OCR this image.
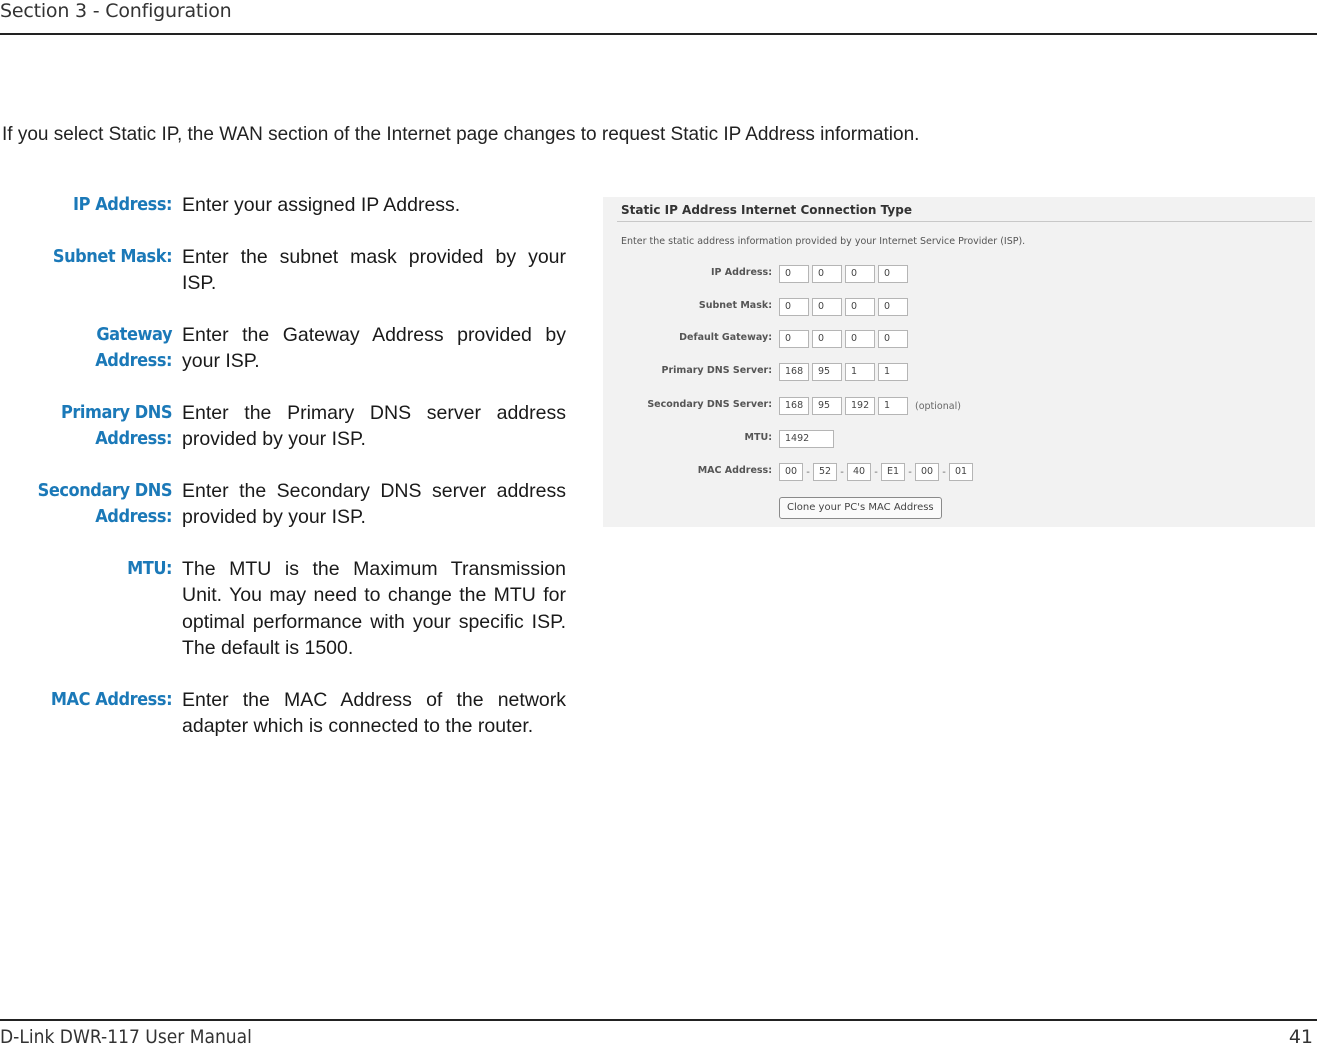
Section 3 - Configuration
If you select Static IP, the WAN section of the Internet page changes to request Static IP Address information.
IP Address: Enter your assigned IP Address.
Subnet Mask: Enter the subnet mask provided by your ISP.
Gateway Address:
Enter the Gateway Address provided by your ISP.
Primary DNS Address:
Enter the Primary DNS server address provided by your ISP.
Secondary DNS Address:
Enter the Secondary DNS server address provided by your ISP.
MTU: The MTU is the Maximum Transmission Unit. You may need to change the MTU for optimal performance with your specific ISP. The default is 1500.
MAC Address: Enter the MAC Address of the network adapter which is connected to the router.
Static IP Address Internet Connection Type
Enter the static address information provided by your Internet Service Provider (ISP).
IP Address:	0	0	0	0
Subnet Mask:	0	0	0	0
Default Gateway:	0	0	0	0
Primary DNS Server:	168	95	1	1
Secondary DNS Server:	168	95	192	1	(optional)
MTU:	1492
MAC Address:	00 - 52 - 40 - E1 - 00 - 01
Clone your PC's MAC Address
D-Link DWR-117 User Manual	41
